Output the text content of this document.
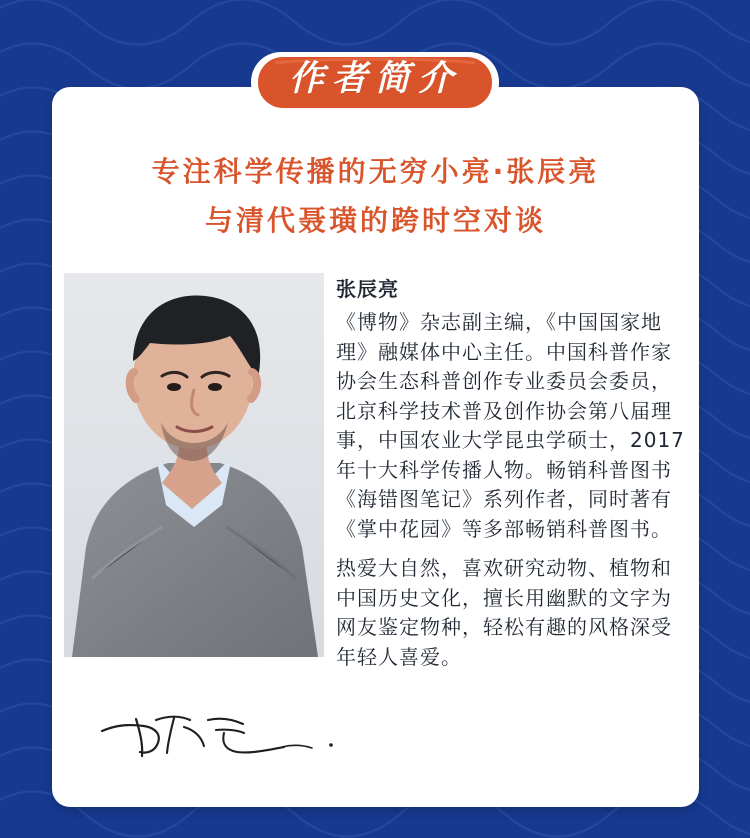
作者简介
专注科学传播的无穷小亮·张辰亮
与清代聂璜的跨时空对谈
张辰亮

《博物》杂志副主编，《中国国家地理》融媒体中心主任。中国科普作家协会生态科普创作专业委员会委员，北京科学技术普及创作协会第八届理事，中国农业大学昆虫学硕士，2017年十大科学传播人物。畅销科普图书《海错图笔记》系列作者，同时著有《掌中花园》等多部畅销科普图书。

热爱大自然，喜欢研究动物、植物和中国历史文化，擅长用幽默的文字为网友鉴定物种，轻松有趣的风格深受年轻人喜爱。
